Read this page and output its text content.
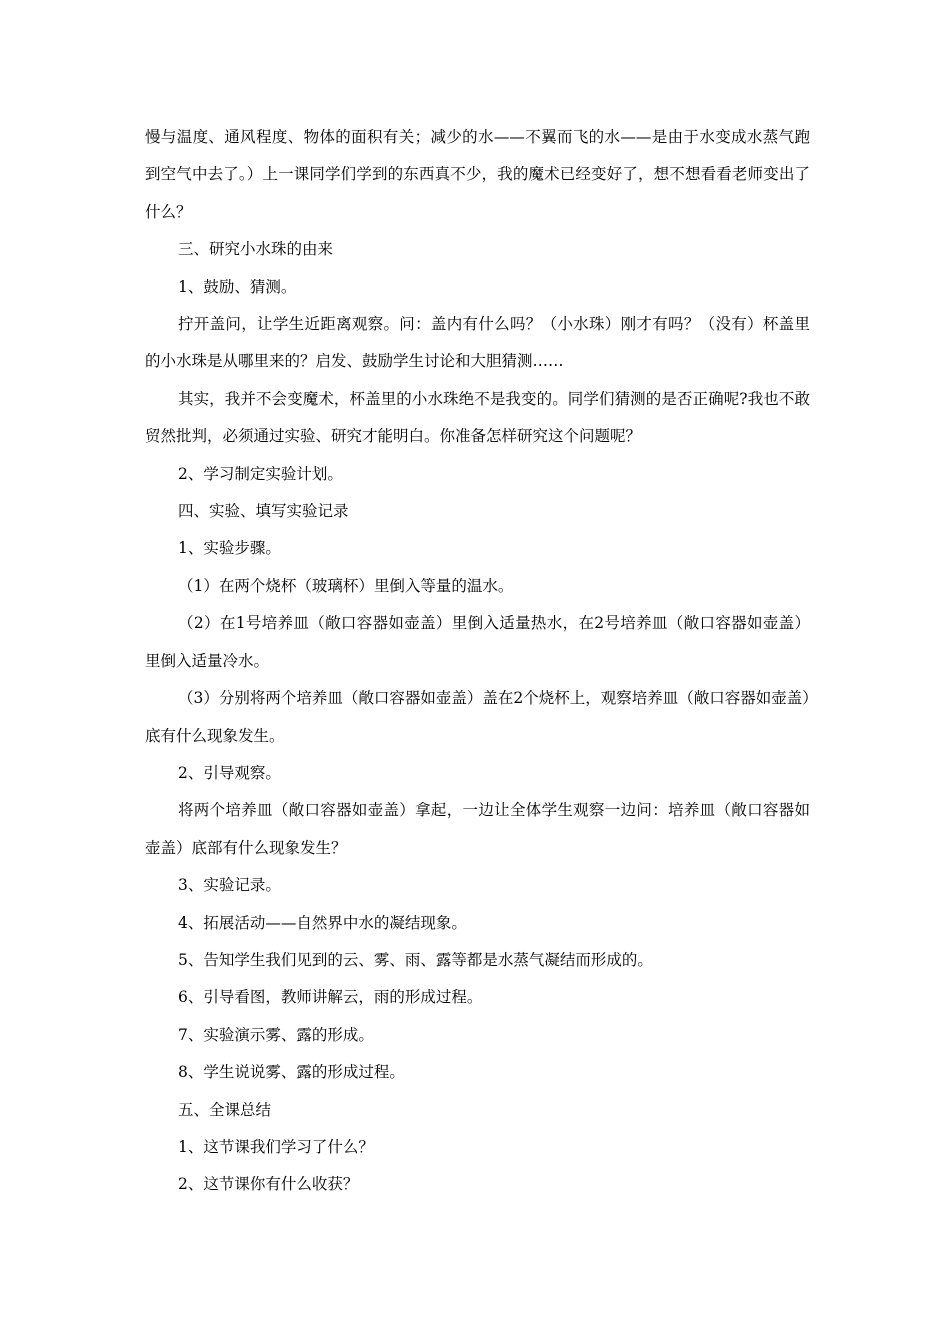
慢与温度、通风程度、物体的面积有关；减少的水——不翼而飞的水——是由于水变成水蒸气跑到空气中去了。）上一课同学们学到的东西真不少，我的魔术已经变好了，想不想看看老师变出了什么？

三、研究小水珠的由来

1、鼓励、猜测。

拧开盖问，让学生近距离观察。问：盖内有什么吗？（小水珠）刚才有吗？（没有）杯盖里的小水珠是从哪里来的？启发、鼓励学生讨论和大胆猜测……

其实，我并不会变魔术，杯盖里的小水珠绝不是我变的。同学们猜测的是否正确呢?我也不敢贸然批判，必须通过实验、研究才能明白。你准备怎样研究这个问题呢？

2、学习制定实验计划。

四、实验、填写实验记录

1、实验步骤。

（1）在两个烧杯（玻璃杯）里倒入等量的温水。

（2）在1号培养皿（敞口容器如壶盖）里倒入适量热水，在2号培养皿（敞口容器如壶盖）里倒入适量冷水。

（3）分别将两个培养皿（敞口容器如壶盖）盖在2个烧杯上，观察培养皿（敞口容器如壶盖）底有什么现象发生。

2、引导观察。

将两个培养皿（敞口容器如壶盖）拿起，一边让全体学生观察一边问：培养皿（敞口容器如壶盖）底部有什么现象发生？

3、实验记录。

4、拓展活动——自然界中水的凝结现象。

5、告知学生我们见到的云、雾、雨、露等都是水蒸气凝结而形成的。

6、引导看图，教师讲解云，雨的形成过程。

7、实验演示雾、露的形成。

8、学生说说雾、露的形成过程。

五、全课总结

1、这节课我们学习了什么？

2、这节课你有什么收获？
